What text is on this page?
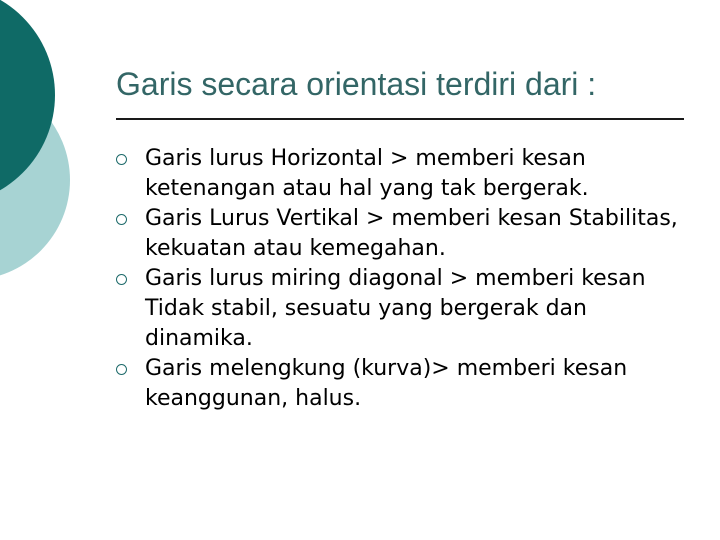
Garis secara orientasi terdiri dari :
Garis lurus Horizontal > memberi kesan ketenangan atau hal yang tak bergerak.
Garis Lurus Vertikal > memberi kesan Stabilitas, kekuatan atau kemegahan.
Garis lurus miring diagonal > memberi kesan Tidak stabil, sesuatu yang bergerak dan dinamika.
Garis melengkung (kurva)> memberi kesan keanggunan, halus.
